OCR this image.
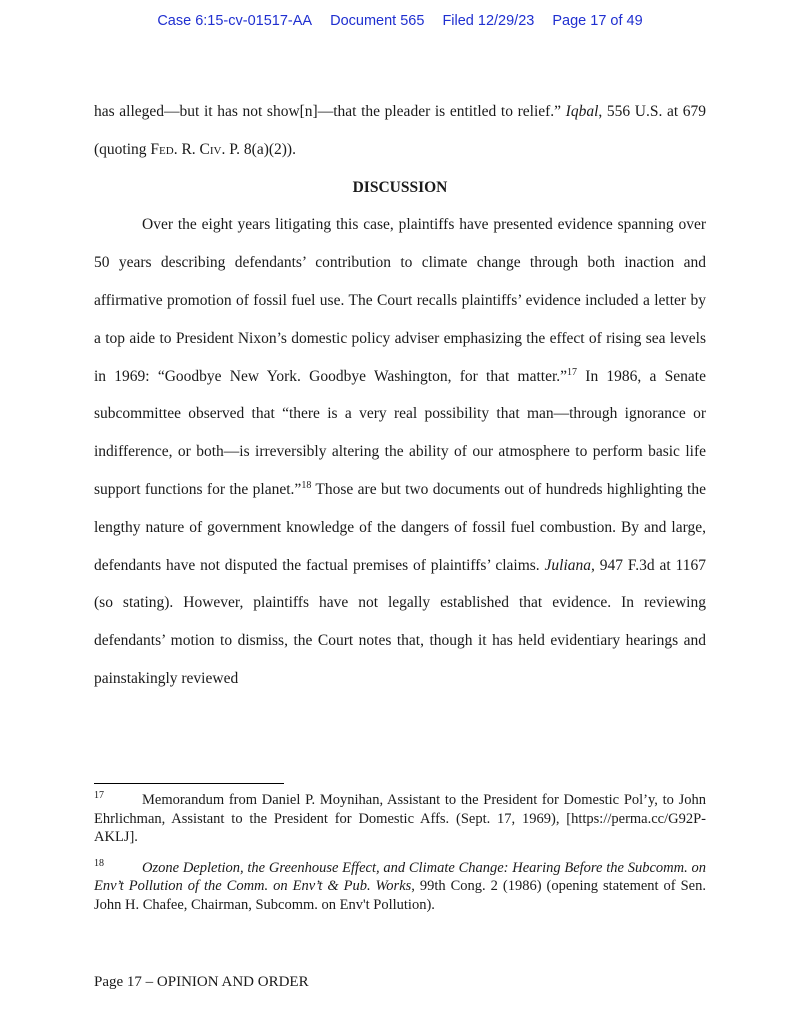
Case 6:15-cv-01517-AA Document 565 Filed 12/29/23 Page 17 of 49

has alleged—but it has not show[n]—that the pleader is entitled to relief.” Iqbal, 556 U.S. at 679 (quoting Fed. R. Civ. P. 8(a)(2)).

DISCUSSION

Over the eight years litigating this case, plaintiffs have presented evidence spanning over 50 years describing defendants’ contribution to climate change through both inaction and affirmative promotion of fossil fuel use. The Court recalls plaintiffs’ evidence included a letter by a top aide to President Nixon’s domestic policy adviser emphasizing the effect of rising sea levels in 1969: “Goodbye New York. Goodbye Washington, for that matter.”$^{17}$ In 1986, a Senate subcommittee observed that “there is a very real possibility that man—through ignorance or indifference, or both—is irreversibly altering the ability of our atmosphere to perform basic life support functions for the planet.”$^{18}$ Those are but two documents out of hundreds highlighting the lengthy nature of government knowledge of the dangers of fossil fuel combustion. By and large, defendants have not disputed the factual premises of plaintiffs’ claims. Juliana, 947 F.3d at 1167 (so stating). However, plaintiffs have not legally established that evidence. In reviewing defendants’ motion to dismiss, the Court notes that, though it has held evidentiary hearings and painstakingly reviewed

17	Memorandum from Daniel P. Moynihan, Assistant to the President for Domestic Pol’y, to John Ehrlichman, Assistant to the President for Domestic Affs. (Sept. 17, 1969), [https://perma.cc/G92P-AKLJ].

18	Ozone Depletion, the Greenhouse Effect, and Climate Change: Hearing Before the Subcomm. on Env’t Pollution of the Comm. on Env’t & Pub. Works, 99th Cong. 2 (1986) (opening statement of Sen. John H. Chafee, Chairman, Subcomm. on Env't Pollution).

Page 17 – OPINION AND ORDER
